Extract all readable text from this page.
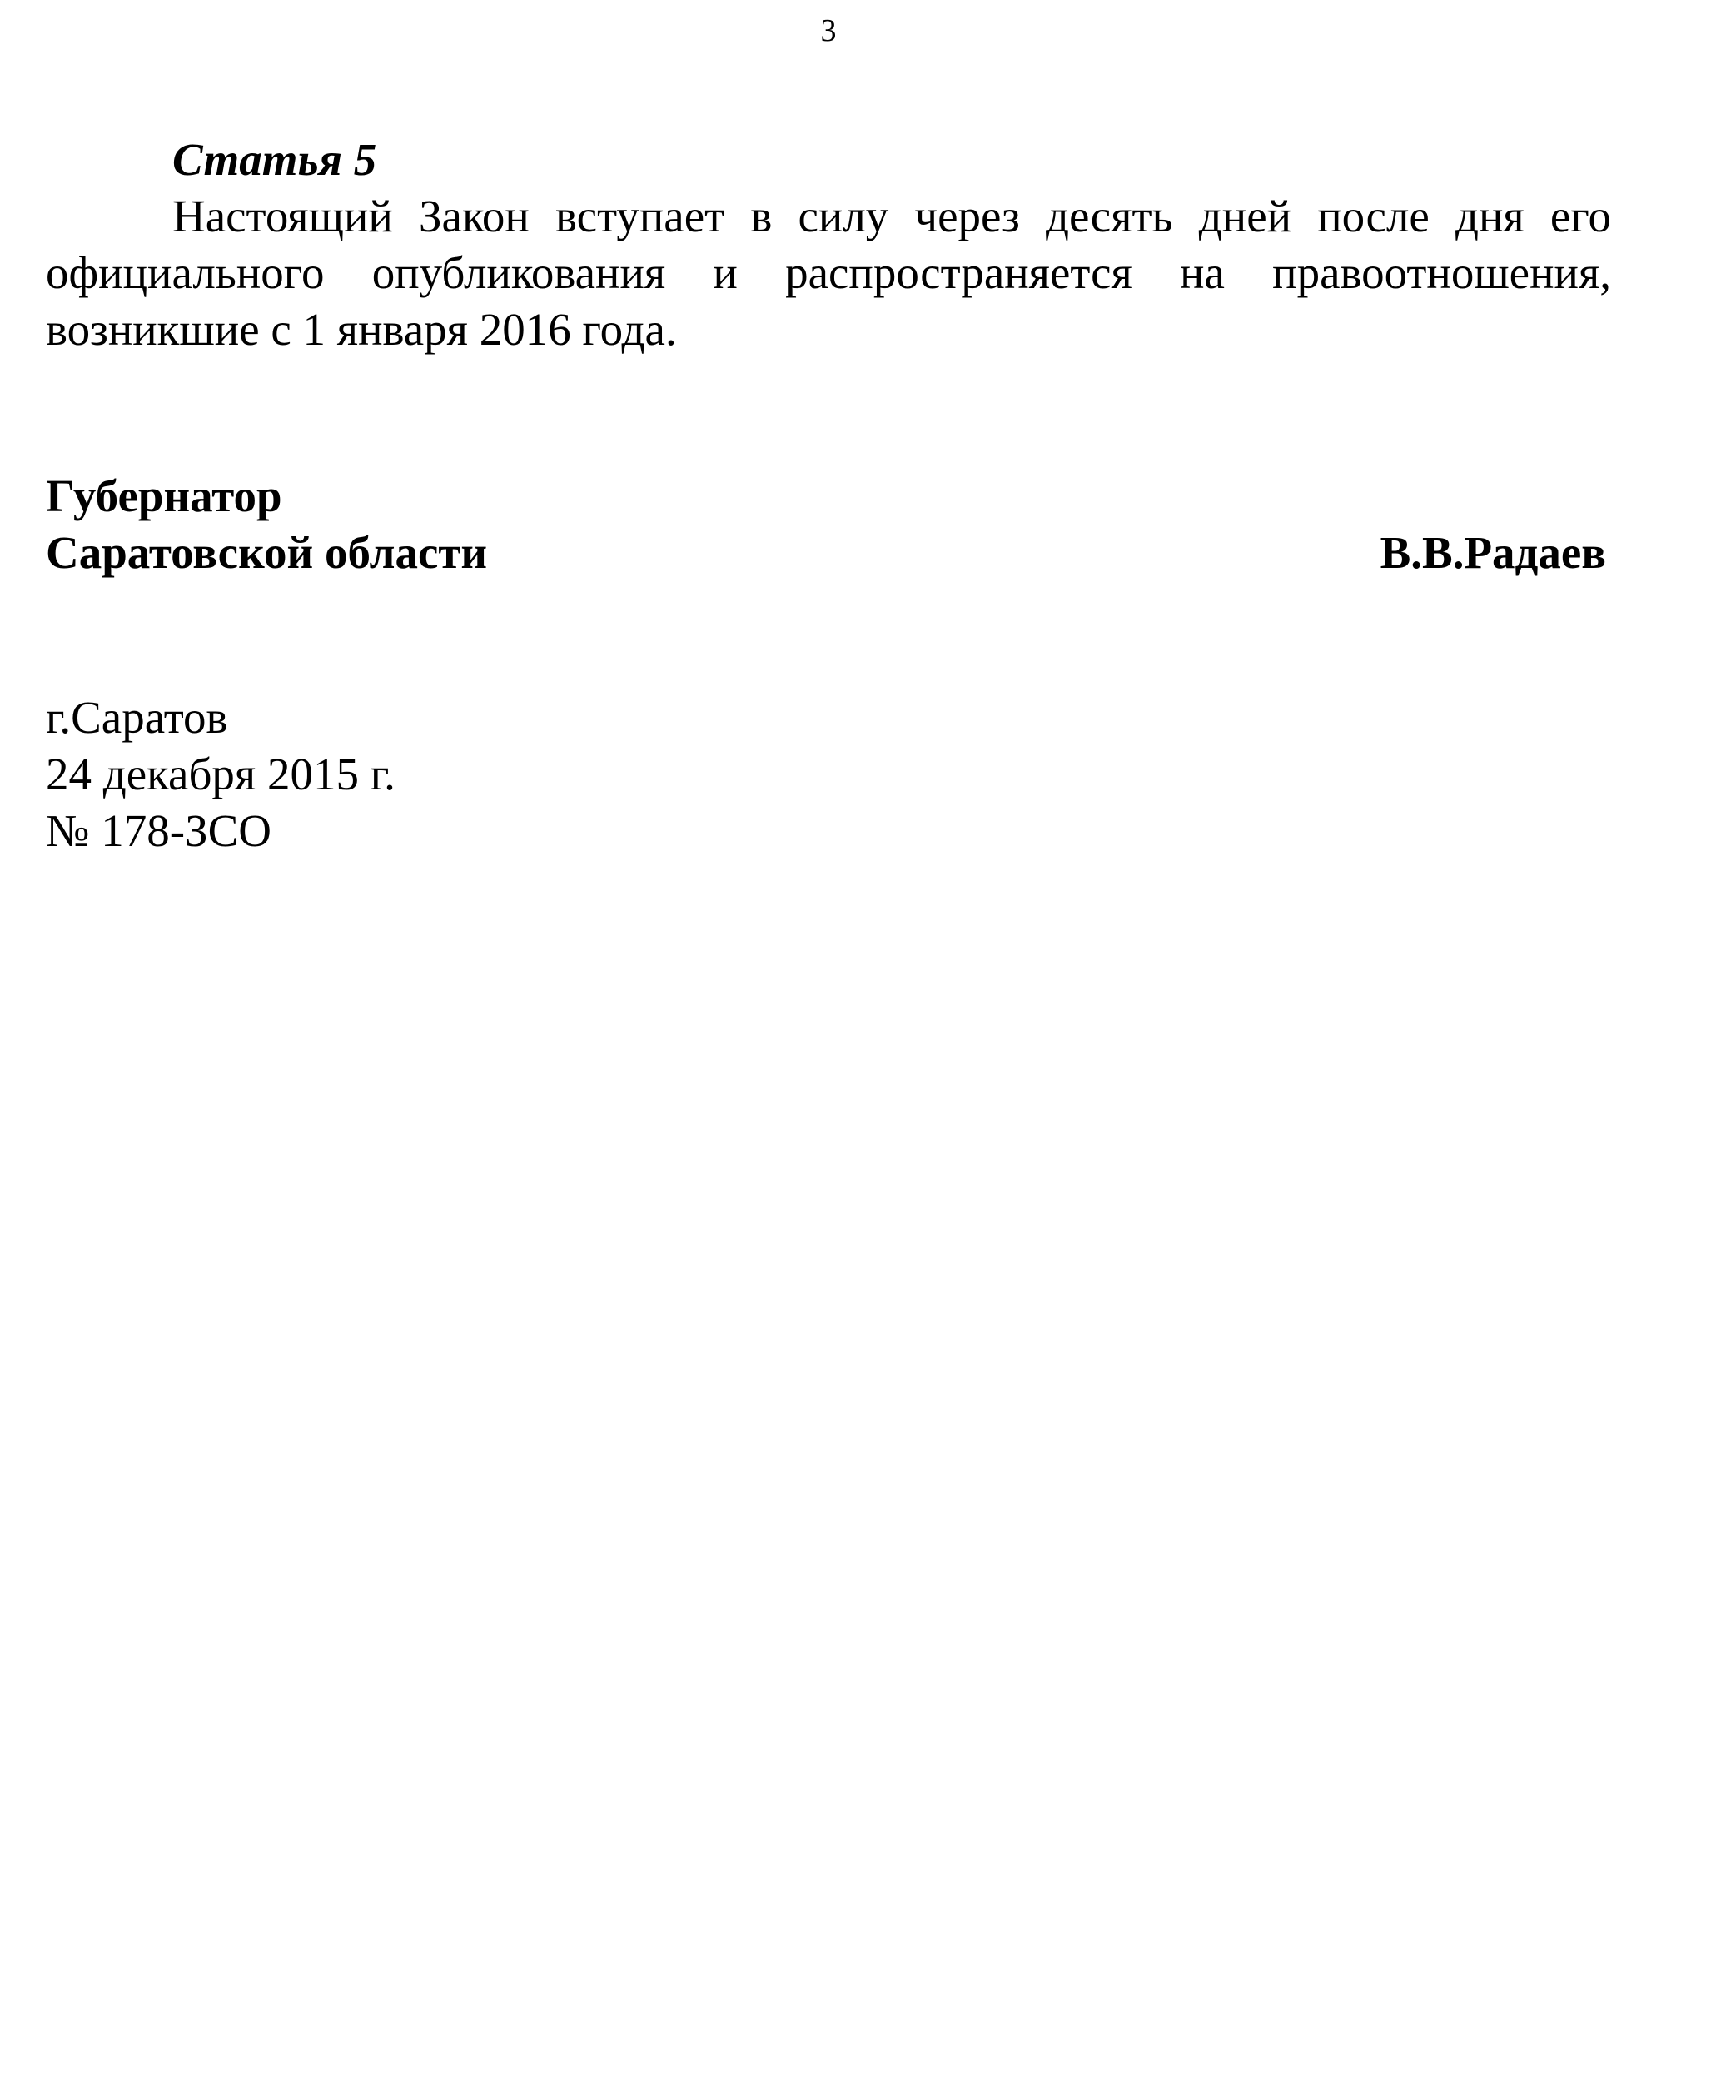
3

Статья 5

Настоящий Закон вступает в силу через десять дней после дня его официального опубликования и распространяется на правоотношения, возникшие с 1 января 2016 года.

Губернатор
Саратовской области	В.В.Радаев
г.Саратов
24 декабря 2015 г.
№ 178-ЗСО
